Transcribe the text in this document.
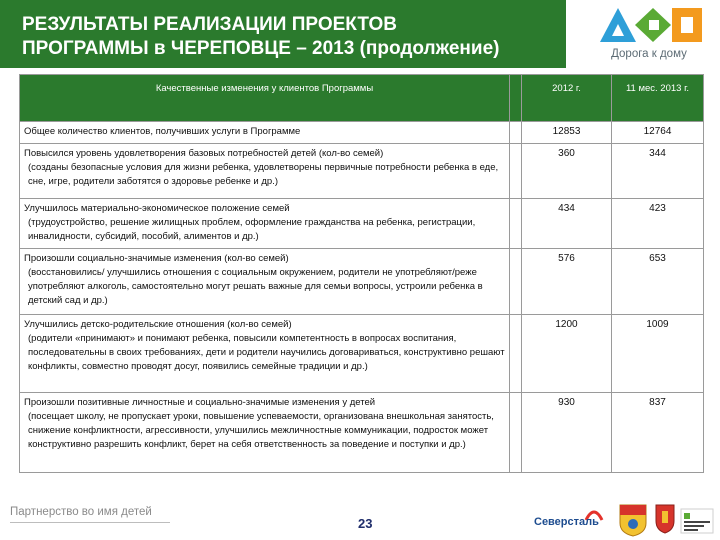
РЕЗУЛЬТАТЫ РЕАЛИЗАЦИИ ПРОЕКТОВ
ПРОГРАММЫ в ЧЕРЕПОВЦЕ – 2013 (продолжение)	Дорога к дому
Качественные изменения у клиентов Программы		2012 г.	11 мес. 2013 г.

Общее количество клиентов, получивших услуги в Программе		12853	12764

Повысился уровень удовлетворения базовых потребностей детей (кол-во семей)
(созданы безопасные условия для жизни ребенка, удовлетворены первичные потребности ребенка в еде, сне, игре, родители заботятся о здоровье ребенке и др.)		360	344

Улучшилось материально-экономическое положение семей
(трудоустройство, решение жилищных проблем, оформление гражданства на ребенка, регистрации, инвалидности, субсидий, пособий, алиментов и др.)		434	423

Произошли социально-значимые изменения (кол-во семей)
(восстановились/ улучшились отношения с социальным окружением, родители не употребляют/реже употребляют алкоголь, самостоятельно могут решать важные для семьи вопросы, устроили ребенка в детский сад и др.)		576	653

Улучшились детско-родительские отношения (кол-во семей)
(родители «принимают» и понимают ребенка, повысили компетентность в вопросах воспитания, последовательны в своих требованиях, дети и родители научились договариваться, конструктивно решают конфликты, совместно проводят досуг, появились семейные традиции и др.)		1200	1009

Произошли позитивные личностные и социально-значимые изменения у детей
(посещает школу, не пропускает уроки, повышение успеваемости, организована внешкольная занятость, снижение конфликтности, агрессивности, улучшились межличностные коммуникации, подросток может конструктивно разрешить конфликт, берет на себя ответственность за поведение и поступки и др.)		930	837
Партнерство во имя детей
23	Северсталь
